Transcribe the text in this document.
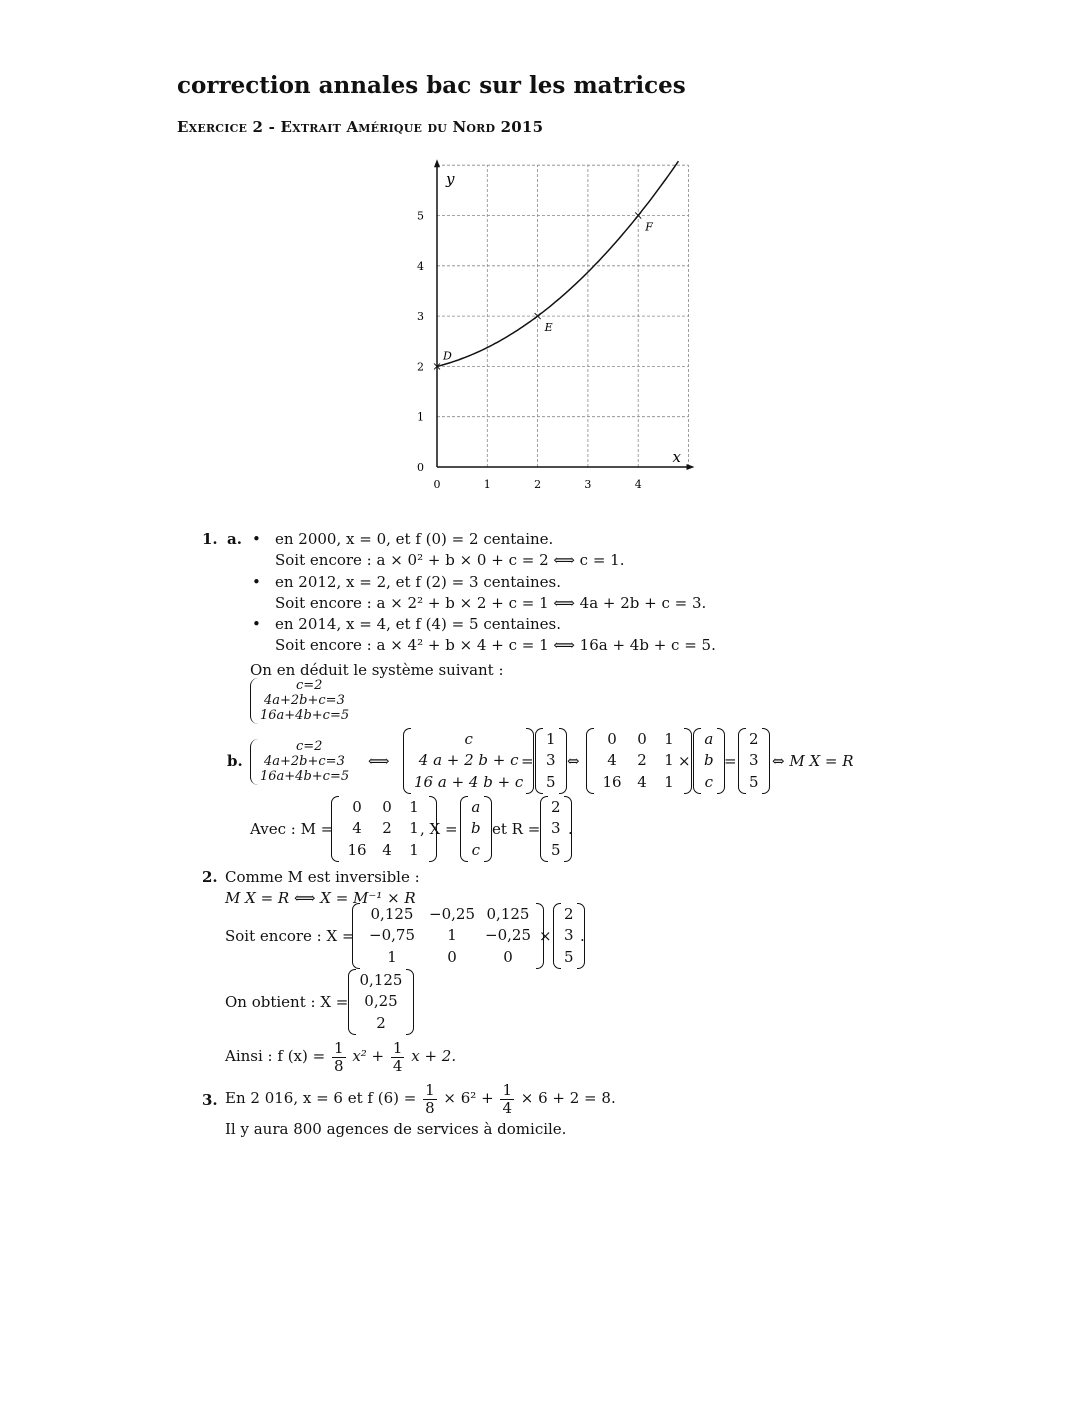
correction annales bac sur les matrices
Exercice 2 - Extrait Amérique du Nord 2015
0	1	2	3	4
0
1
2
3
4
5
D
E
F
x
y
1. a. • en 2000, x = 0, et f (0) = 2 centaine.
Soit encore : a × 0² + b × 0 + c = 2 ⟺ c = 1.
• en 2012, x = 2, et f (2) = 3 centaines.
Soit encore : a × 2² + b × 2 + c = 1 ⟺ 4a + 2b + c = 3.
• en 2014, x = 4, et f (4) = 5 centaines.
Soit encore : a × 4² + b × 4 + c = 1 ⟺ 16a + 4b + c = 5.
On en déduit le système suivant :
c=2
4a+2b+c=3
16a+4b+c=5
b.
c=2
4a+2b+c=3
16a+4b+c=5
⟺
c
4 a + 2 b + c
16 a + 4 b + c
=
1
3
5
⇔
0	0	1
4	2	1
16	4	1
×
a
b
c
=
2
3
5
⇔ M X = R
Avec : M =
0	0	1
4	2	1
16	4	1
, X =
a
b
c
et R =
2
3
5
.
2. Comme M est inversible :
M X = R ⟺ X = M⁻¹ × R
Soit encore : X =
0,125	−0,25 0,125
−0,75	1	−0,25
1	0	0
×
2
3
5
.
On obtient : X =
0,125
0,25
2
Ainsi : f $(x) = \frac{1}{8} x^2 + \frac{1}{4}$ x + 2.
3. En 2 016, x = 6 et f $(6) = \frac{1}{8} \times 6^2 + \frac{1}{4} \times 6 + 2 = 8$.
Il y aura 800 agences de services à domicile.
